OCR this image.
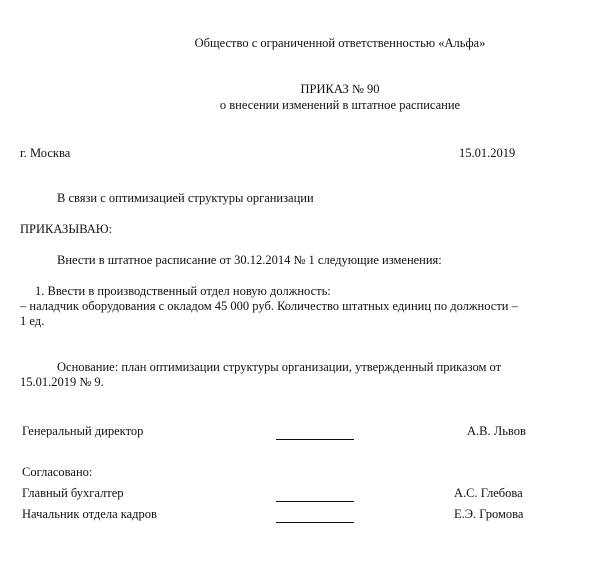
Общество с ограниченной ответственностью «Альфа»
ПРИКАЗ № 90
о внесении изменений в штатное расписание
г. Москва	15.01.2019
В связи с оптимизацией структуры организации
ПРИКАЗЫВАЮ:
Внести в штатное расписание от 30.12.2014 № 1 следующие изменения:
1. Ввести в производственный отдел новую должность:
– наладчик оборудования с окладом 45 000 руб. Количество штатных единиц по должности –
1 ед.
Основание: план оптимизации структуры организации, утвержденный приказом от
15.01.2019 № 9.
Генеральный директор	А.В. Львов
Согласовано:
Главный бухгалтер	А.С. Глебова
Начальник отдела кадров	Е.Э. Громова
